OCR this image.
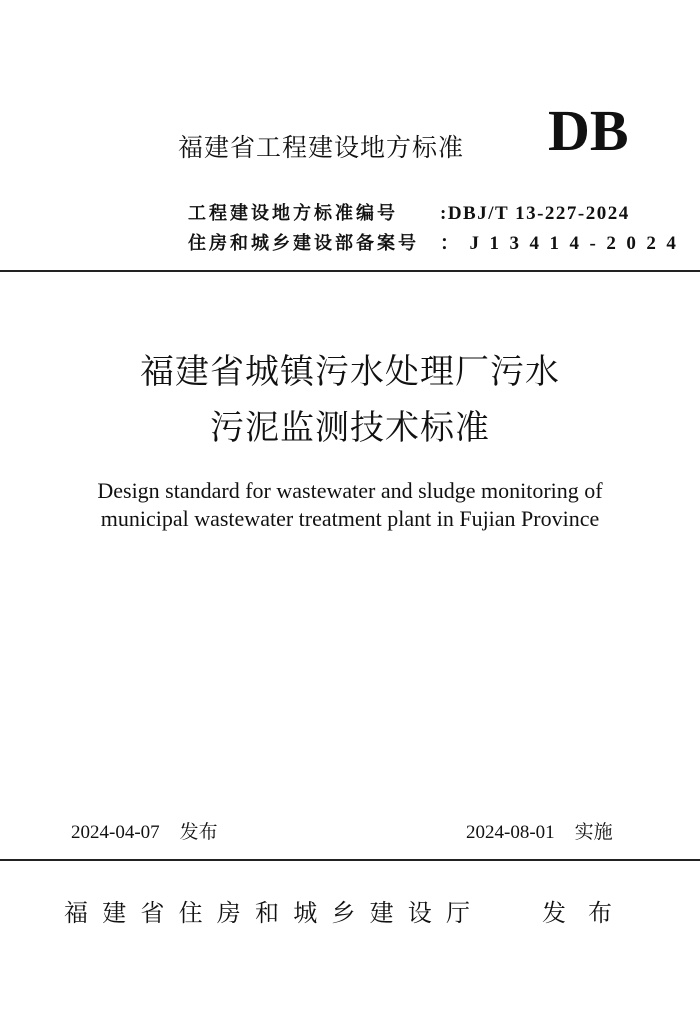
福建省工程建设地方标准 DB
工程建设地方标准编号	:DBJ/T 13-227-2024
住房和城乡建设部备案号	：J13414-2024
福建省城镇污水处理厂污水
污泥监测技术标准
Design standard for wastewater and sludge monitoring of
municipal wastewater treatment plant in Fujian Province
2024-04-07 发布	2024-08-01 实施
福建省住房和城乡建设厅 发布
